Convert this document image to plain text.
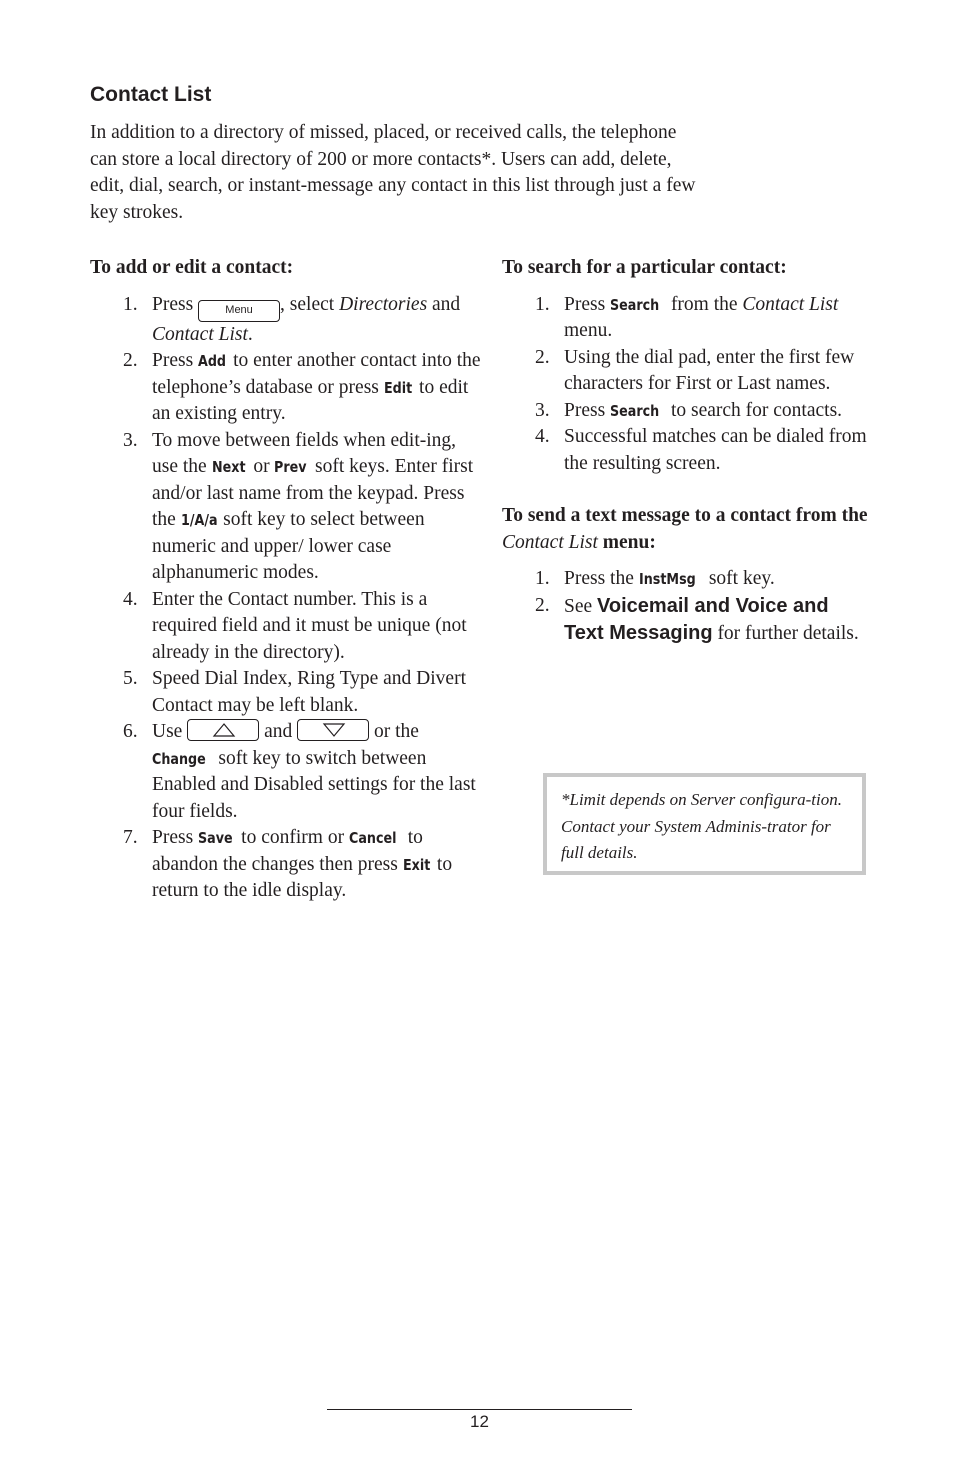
Contact List

In addition to a directory of missed, placed, or received calls, the telephone can store a local directory of 200 or more contacts*. Users can add, delete, edit, dial, search, or instant-message any contact in this list through just a few key strokes.

To add or edit a contact:

1. Press Menu , select Directories and Contact List.
2. Press Add to enter another contact into the telephone’s database or press Edit to edit an existing entry.
3. To move between fields when edit-ing, use the Next or Prev soft keys. Enter first and/or last name from the keypad. Press the 1/A/a soft key to select between numeric and upper/ lower case alphanumeric modes.
4. Enter the Contact number. This is a required field and it must be unique (not already in the directory).
5. Speed Dial Index, Ring Type and Divert Contact may be left blank.
6. Use	and	or the Change soft key to switch between Enabled and Disabled settings for the last four fields.
7. Press Save to confirm or Cancel to abandon the changes then press Exit to return to the idle display.

To search for a particular contact:

1. Press Search from the Contact List menu.
2. Using the dial pad, enter the first few characters for First or Last names.
3. Press Search to search for contacts.
4. Successful matches can be dialed from the resulting screen.

To send a text message to a contact from the Contact List menu:

1. Press the InstMsg soft key.
2. See Voicemail and Voice and Text Messaging for further details.
*Limit depends on Server configura-tion. Contact your System Adminis-trator for full details.
12
